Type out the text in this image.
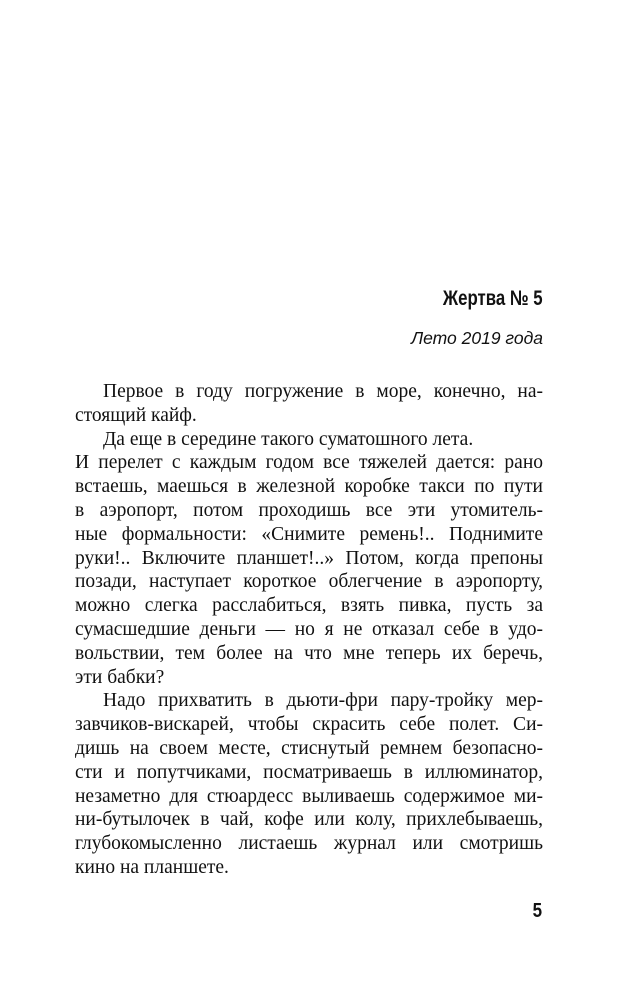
Жертва № 5
Лето 2019 года
Первое в году погружение в море, конечно, на-
стоящий кайф.
Да еще в середине такого суматошного лета.
И перелет с каждым годом все тяжелей дается: рано
встаешь, маешься в железной коробке такси по пути
в аэропорт, потом проходишь все эти утомитель-
ные формальности: «Снимите ремень!.. Поднимите
руки!.. Включите планшет!..» Потом, когда препоны
позади, наступает короткое облегчение в аэропорту,
можно слегка расслабиться, взять пивка, пусть за
сумасшедшие деньги — но я не отказал себе в удо-
вольствии, тем более на что мне теперь их беречь,
эти бабки?
Надо прихватить в дьюти-фри пару-тройку мер-
завчиков-вискарей, чтобы скрасить себе полет. Си-
дишь на своем месте, стиснутый ремнем безопасно-
сти и попутчиками, посматриваешь в иллюминатор,
незаметно для стюардесс выливаешь содержимое ми-
ни-бутылочек в чай, кофе или колу, прихлебываешь,
глубокомысленно листаешь журнал или смотришь
кино на планшете.
5
